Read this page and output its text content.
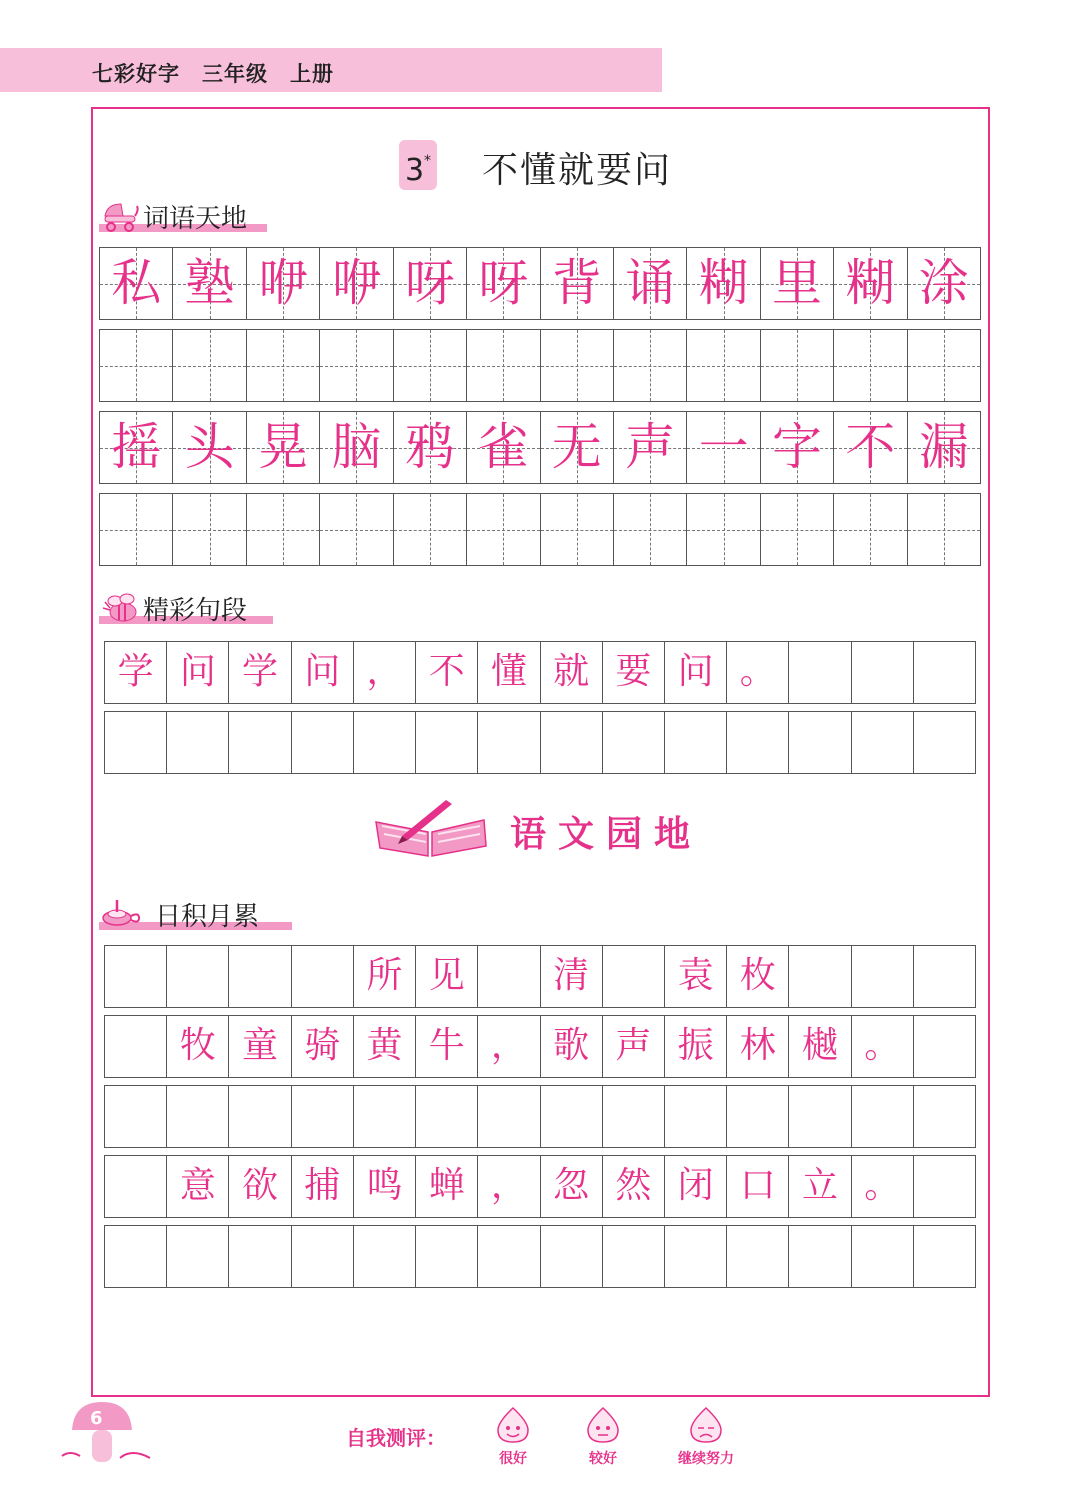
七彩好字　三年级　上册
3* 不懂就要问
词语天地
私 塾 咿 咿 呀 呀 背 诵 糊 里 糊 涂
摇 头 晃 脑 鸦 雀 无 声 一 字 不 漏
精彩句段
学 问 学 问 ， 不 懂 就 要 问 。
语文园地
日积月累
所 见	清	袁 枚
牧 童 骑 黄 牛 ， 歌 声 振 林 樾 。
意 欲 捕 鸣 蝉 ， 忽 然 闭 口 立 。
6
自我测评：
很好	较好	继续努力
